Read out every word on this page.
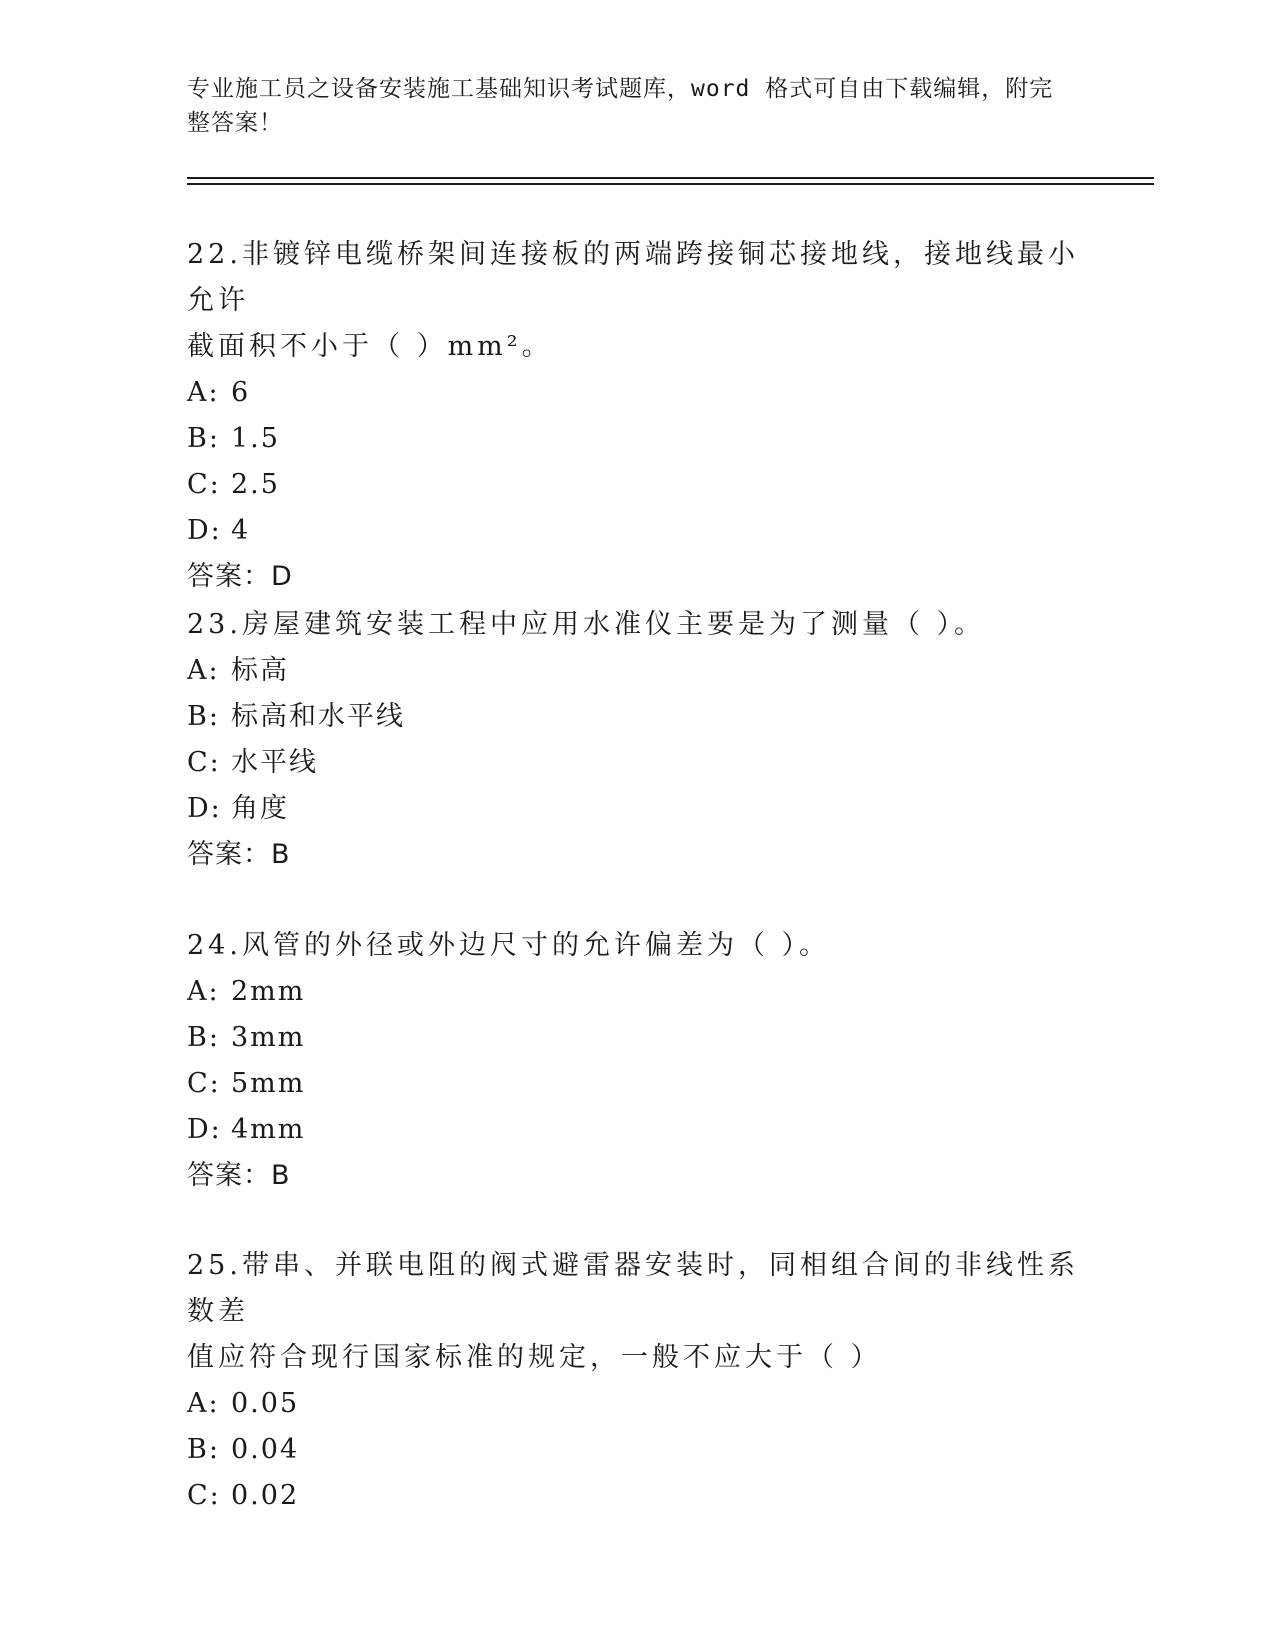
专业施工员之设备安装施工基础知识考试题库，word 格式可自由下载编辑，附完
整答案！

22.非镀锌电缆桥架间连接板的两端跨接铜芯接地线，接地线最小允许

截面积不小于（ ）mm²。

A: 6

B: 1.5

C: 2.5

D: 4

答案：D

23.房屋建筑安装工程中应用水准仪主要是为了测量（ ）。

A: 标高

B: 标高和水平线

C: 水平线

D: 角度

答案：B

24.风管的外径或外边尺寸的允许偏差为（ ）。

A: 2mm

B: 3mm

C: 5mm

D: 4mm

答案：B

25.带串、并联电阻的阀式避雷器安装时，同相组合间的非线性系数差

值应符合现行国家标准的规定，一般不应大于（ ）

A: 0.05

B: 0.04

C: 0.02
